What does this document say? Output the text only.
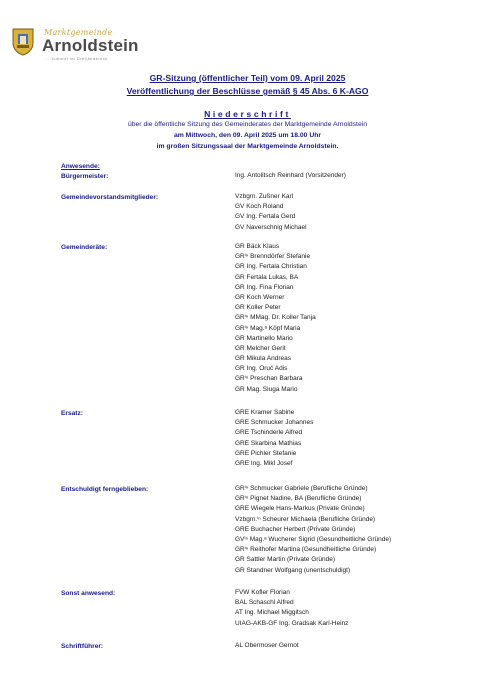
Marktgemeinde
Arnoldstein
... Zukunft im Dreiländereck
GR-Sitzung (öffentlicher Teil) vom 09. April 2025
Veröffentlichung der Beschlüsse gemäß § 45 Abs. 6 K-AGO
Niederschrift
über die öffentliche Sitzung des Gemeinderates der Marktgemeinde Arnoldstein
am Mittwoch, den 09. April 2025 um 18.00 Uhr
im großen Sitzungssaal der Marktgemeinde Arnoldstein.
Anwesende:
Bürgermeister:	Ing. Antolitsch Reinhard (Vorsitzender)
Gemeindevorstandsmitglieder:	Vzbgm. Zußner Karl
GV Koch Roland
GV Ing. Fertala Gerd
GV Naverschnig Michael
Gemeinderäte:	GR Bäck Klaus
GRⁱⁿ Brenndörfer Stefanie
GR Ing. Fertala Christian
GR Fertala Lukas, BA
GR Ing. Fina Florian
GR Koch Werner
GR Koller Peter
GRⁱⁿ MMag. Dr. Koller Tanja
GRⁱⁿ Mag.ᵃ Köpf Maria
GR Martinello Mario
GR Melcher Gerit
GR Mikula Andreas
GR Ing. Oruč Adis
GRⁱⁿ Preschan Barbara
GR Mag. Sluga Mario
Ersatz:	GRE Kramer Sabine
GRE Schmucker Johannes
GRE Tschinderle Alfred
GRE Skarbina Mathias
GRE Pichler Stefanie
GRE Ing. Mikl Josef
Entschuldigt ferngeblieben:	GRⁱⁿ Schmucker Gabriele (Berufliche Gründe)
GRⁱⁿ Pignet Nadine, BA (Berufliche Gründe)
GRE Wiegele Hans-Markus (Private Gründe)
Vzbgm.ⁱⁿ Scheurer Michaela (Berufliche Gründe)
GRE Buchacher Herbert (Private Gründe)
GVⁱⁿ Mag.ᵃ Wucherer Sigrid (Gesundheitliche Gründe)
GRⁱⁿ Reithofer Martina (Gesundheitliche Gründe)
GR Sattler Martin (Private Gründe)
GR Standner Wolfgang (unentschuldigt)
Sonst anwesend:	FVW Kofler Florian
BAL Schaschl Alfred
AT Ing. Michael Miggitsch
UIAG-AKB-GF Ing. Gradsak Karl-Heinz
Schriftführer:	AL Obermoser Gernot
